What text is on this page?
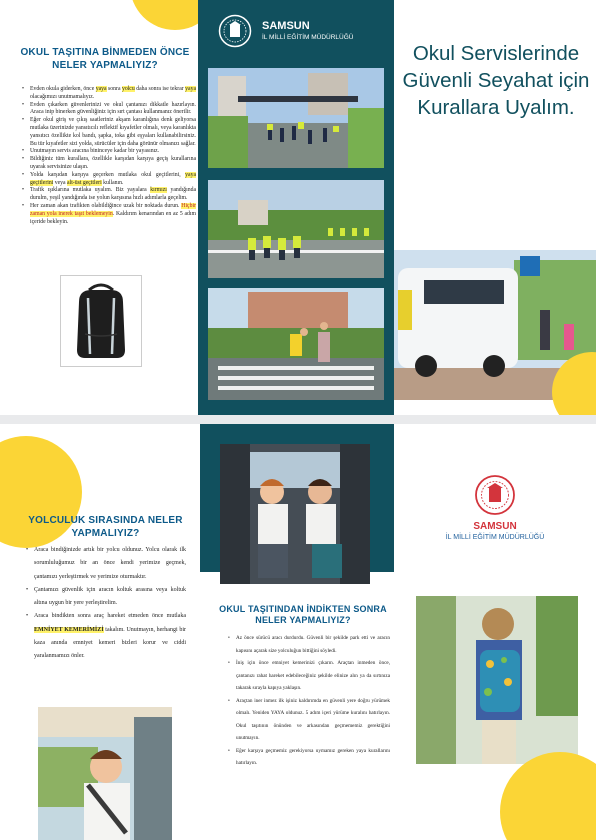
OKUL TAŞITINA BİNMEDEN ÖNCE NELER YAPMALIYIZ?
• Evden okula giderken, önce yaya sonra yolcu daha sonra ise tekrar yaya olacağımızı unutmamalıyız.
• Evden çıkarken güvenlerinizi ve okul çantanızı dikkatle hazırlayın. Araca inip binerken güvenliğiniz için sırt çantası kullanmanız önerilir.
• Eğer okul giriş ve çıkış saatleriniz akşam karanlığına denk geliyorsa mutlaka üzerinizde yansıtıcılı reflektif kıyafetler olmalı, veya karanlıkta yansıtıcı özellikte kol bandı, şapka, toka gibi eşyaları kullanabilirsiniz. Bu tür kıyafetler sizi yolda, sürücüler için daha görünür olmanızı sağlar.
• Unutmayın servis aracına bininceye kadar bir yayasınız.
• Bildiğiniz tüm kurallara, özellikle karşıdan karşıya geçiş kurallarına uyarak servisinize ulaşın.
• Yolda karşıdan karşıya geçerken mutlaka okul geçitlerini, yaya geçitlerini veya alt-üst geçitleri kullanın.
• Trafik ışıklarına mutlaka uyalım. Biz yayalara kırmızı yandığında durulm, yeşil yandığında ise yolun karşısına hızlı adımlarla geçelim.
• Her zaman akan trafikten olabildiğince uzak bir noktada durun. Hiçbir zaman yola inerek taşıt beklemeyin. Kaldırım kenarından en az 5 adım içeride bekleyin.
SAMSUN
İL MİLLİ EĞİTİM MÜDÜRLÜĞÜ
Okul Servislerinde Güvenli Seyahat için Kurallara Uyalım.
YOLCULUK SIRASINDA NELER YAPMALIYIZ?
• Araca bindiğinizde artık bir yolcu oldunuz. Yolcu olarak ilk sorumluluğumuz bir an önce kendi yerimize geçmek, çantamızı yerleştirmek ve yerimize oturmaktır.
• Çantamızı güvenlik için aracın koltuk arasına veya koltuk altına uygun bir yere yerleştirelim.
• Araca bindikten sonra araç hareket etmeden önce mutlaka EMNİYET KEMERİMİZİ takalım. Unutmayın, herhangi bir kaza anında emniyet kemeri bizleri korur ve ciddi yaralanmamızı önler.
OKUL TAŞITINDAN İNDİKTEN SONRA NELER YAPMALIYIZ?
• Az önce sürücü aracı durdurdu. Güvenli bir şekilde park etti ve aracın kapısını açarak size yolculuğun bittiğini söyledi.
• İniş için önce emniyet kemerinizi çıkarın. Araçtan inmeden önce, çantanızı rahat hareket edebileceğiniz şekilde elinize alın ya da sırtınıza takarak sırayla kapıya yaklaşın.
• Araçtan iner inmez ilk işiniz kaldırımda en güvenli yere doğru yürümek olmalı. Yeniden YAYA oldunuz. 5 adım içeri yürüme kuralını hatırlayın. Okul taşıtının önünden ve arkasından geçmememiz gerektiğini unutmayın.
• Eğer karşıya geçmemiz gerekiyorsa uymamız gereken yaya kurallarını hatırlayın.
SAMSUN
İL MİLLİ EĞİTİM MÜDÜRLÜĞÜ
